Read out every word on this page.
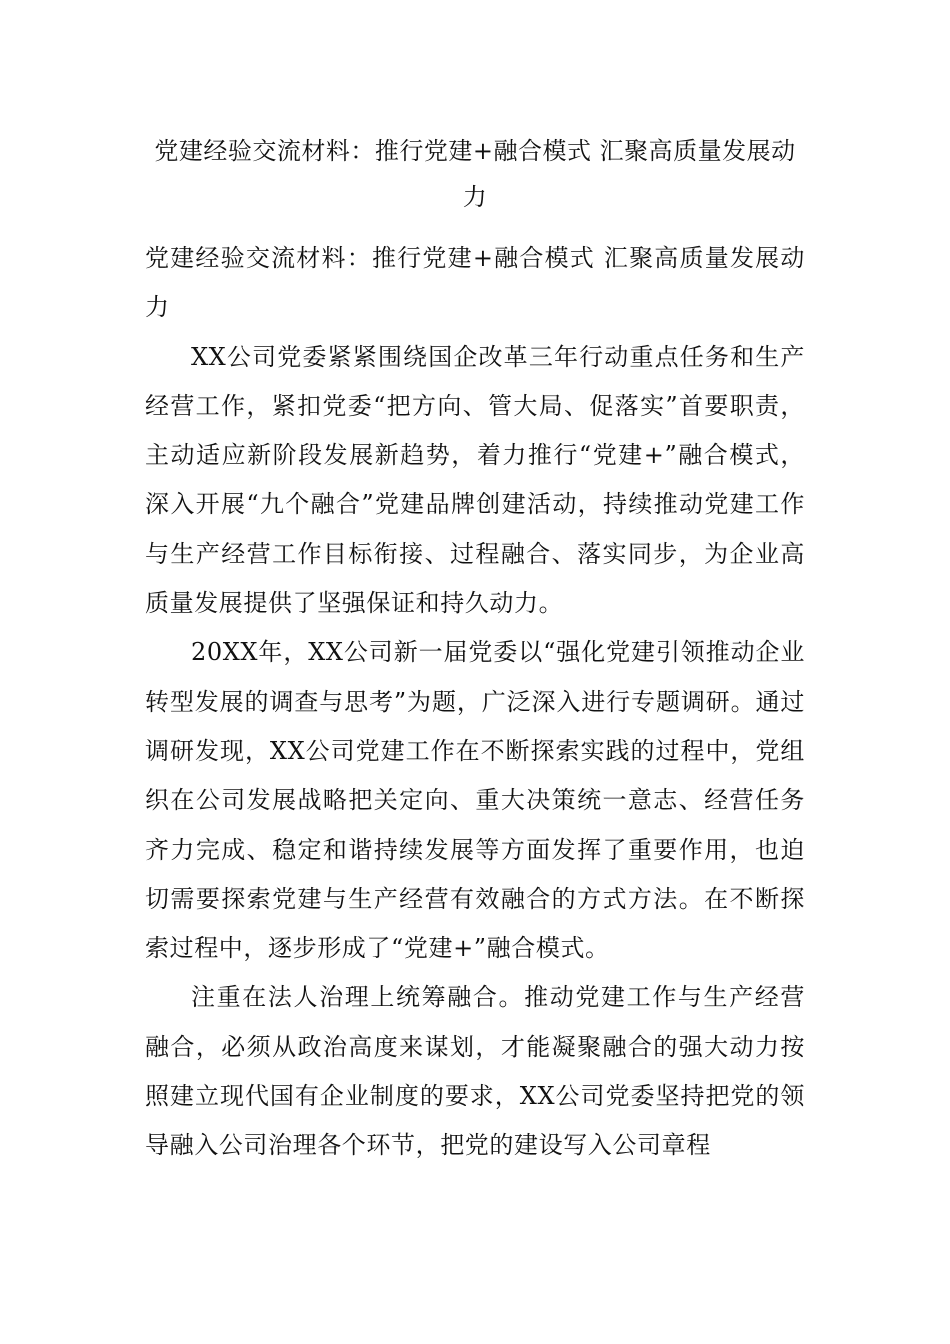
党建经验交流材料：推行党建+融合模式 汇聚高质量发展动力

党建经验交流材料：推行党建+融合模式 汇聚高质量发展动力

XX公司党委紧紧围绕国企改革三年行动重点任务和生产经营工作，紧扣党委“把方向、管大局、促落实”首要职责，主动适应新阶段发展新趋势，着力推行“党建+”融合模式，深入开展“九个融合”党建品牌创建活动，持续推动党建工作与生产经营工作目标衔接、过程融合、落实同步，为企业高质量发展提供了坚强保证和持久动力。

20XX年，XX公司新一届党委以“强化党建引领推动企业转型发展的调查与思考”为题，广泛深入进行专题调研。通过调研发现，XX公司党建工作在不断探索实践的过程中，党组织在公司发展战略把关定向、重大决策统一意志、经营任务齐力完成、稳定和谐持续发展等方面发挥了重要作用，也迫切需要探索党建与生产经营有效融合的方式方法。在不断探索过程中，逐步形成了“党建+”融合模式。

注重在法人治理上统筹融合。推动党建工作与生产经营融合，必须从政治高度来谋划，才能凝聚融合的强大动力按照建立现代国有企业制度的要求，XX公司党委坚持把党的领导融入公司治理各个环节，把党的建设写入公司章程
